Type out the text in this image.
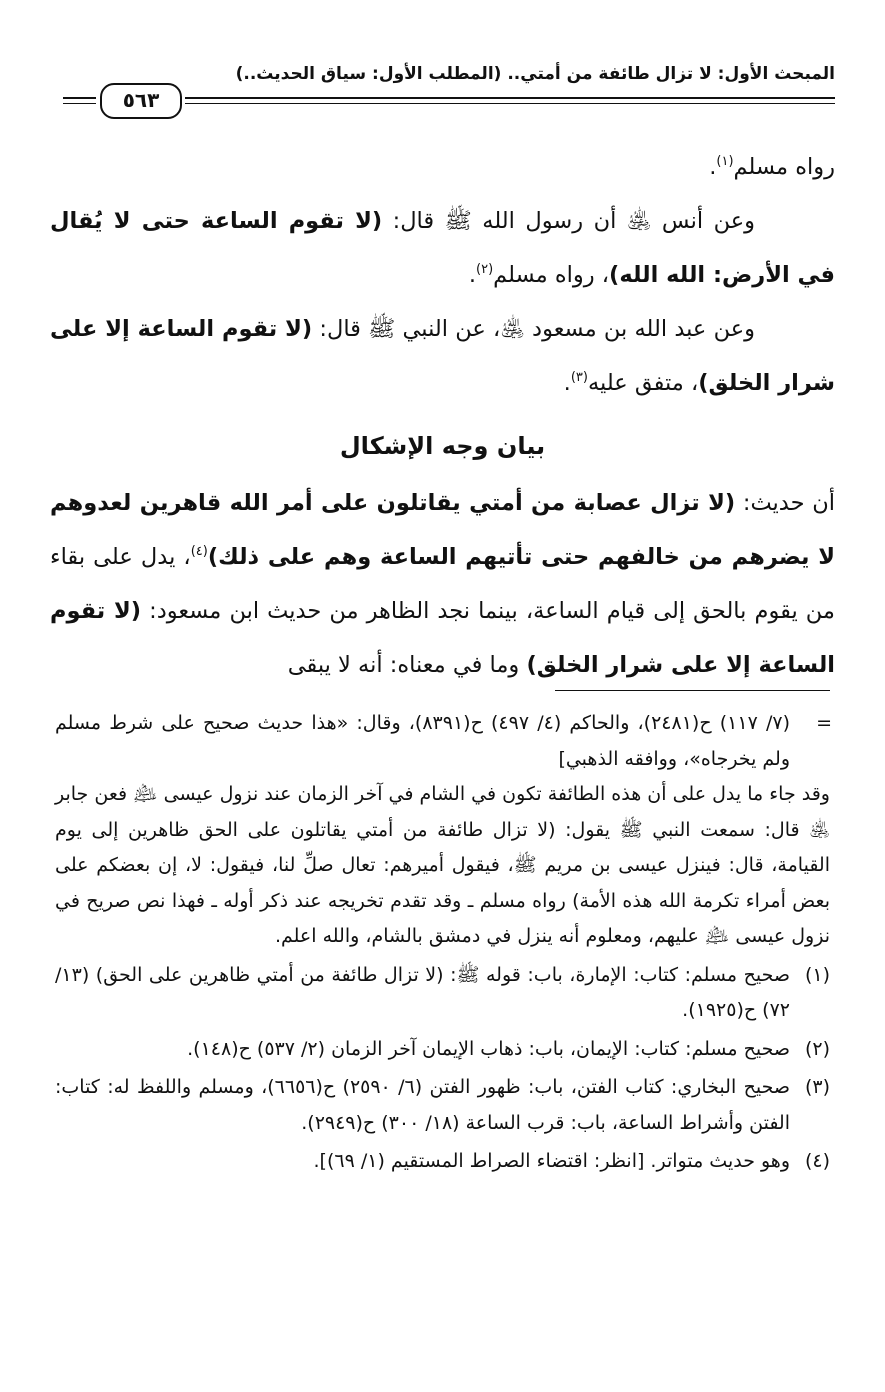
المبحث الأول: لا تزال طائفة من أمتي.. (المطلب الأول: سياق الحديث..)
٥٦٣

رواه مسلم$^{(١)}$.

وعن أنس ﵁ أن رسول الله ﷺ قال: (لا تقوم الساعة حتى لا يُقال في الأرض: الله الله)، رواه مسلم$^{(٢)}$.

وعن عبد الله بن مسعود ﵁، عن النبي ﷺ قال: (لا تقوم الساعة إلا على شرار الخلق)، متفق عليه$^{(٣)}$.

بيان وجه الإشكال

أن حديث: (لا تزال عصابة من أمتي يقاتلون على أمر الله قاهرين لعدوهم لا يضرهم من خالفهم حتى تأتيهم الساعة وهم على ذلك)$^{(٤)}$، يدل على بقاء من يقوم بالحق إلى قيام الساعة، بينما نجد الظاهر من حديث ابن مسعود: (لا تقوم الساعة إلا على شرار الخلق) وما في معناه: أنه لا يبقى

=
(٧/ ١١٧) ح(٢٤٨١)، والحاكم (٤/ ٤٩٧) ح(٨٣٩١)، وقال: «هذا حديث صحيح على شرط مسلم ولم يخرجاه»، ووافقه الذهبي]
وقد جاء ما يدل على أن هذه الطائفة تكون في الشام في آخر الزمان عند نزول عيسى ﵇ فعن جابر ﵁ قال: سمعت النبي ﷺ يقول: (لا تزال طائفة من أمتي يقاتلون على الحق ظاهرين إلى يوم القيامة، قال: فينزل عيسى بن مريم ﷺ، فيقول أميرهم: تعال صلِّ لنا، فيقول: لا، إن بعضكم على بعض أمراء تكرمة الله هذه الأمة) رواه مسلم ـ وقد تقدم تخريجه عند ذكر أوله ـ فهذا نص صريح في نزول عيسى ﵇ عليهم، ومعلوم أنه ينزل في دمشق بالشام، والله اعلم.
(١)
صحيح مسلم: كتاب: الإمارة، باب: قوله ﷺ: (لا تزال طائفة من أمتي ظاهرين على الحق) (١٣/ ٧٢) ح(١٩٢٥).
(٢)
صحيح مسلم: كتاب: الإيمان، باب: ذهاب الإيمان آخر الزمان (٢/ ٥٣٧) ح(١٤٨).
(٣)
صحيح البخاري: كتاب الفتن، باب: ظهور الفتن (٦/ ٢٥٩٠) ح(٦٦٥٦)، ومسلم واللفظ له: كتاب: الفتن وأشراط الساعة، باب: قرب الساعة (١٨/ ٣٠٠) ح(٢٩٤٩).
(٤)
وهو حديث متواتر. [انظر: اقتضاء الصراط المستقيم (١/ ٦٩)].
